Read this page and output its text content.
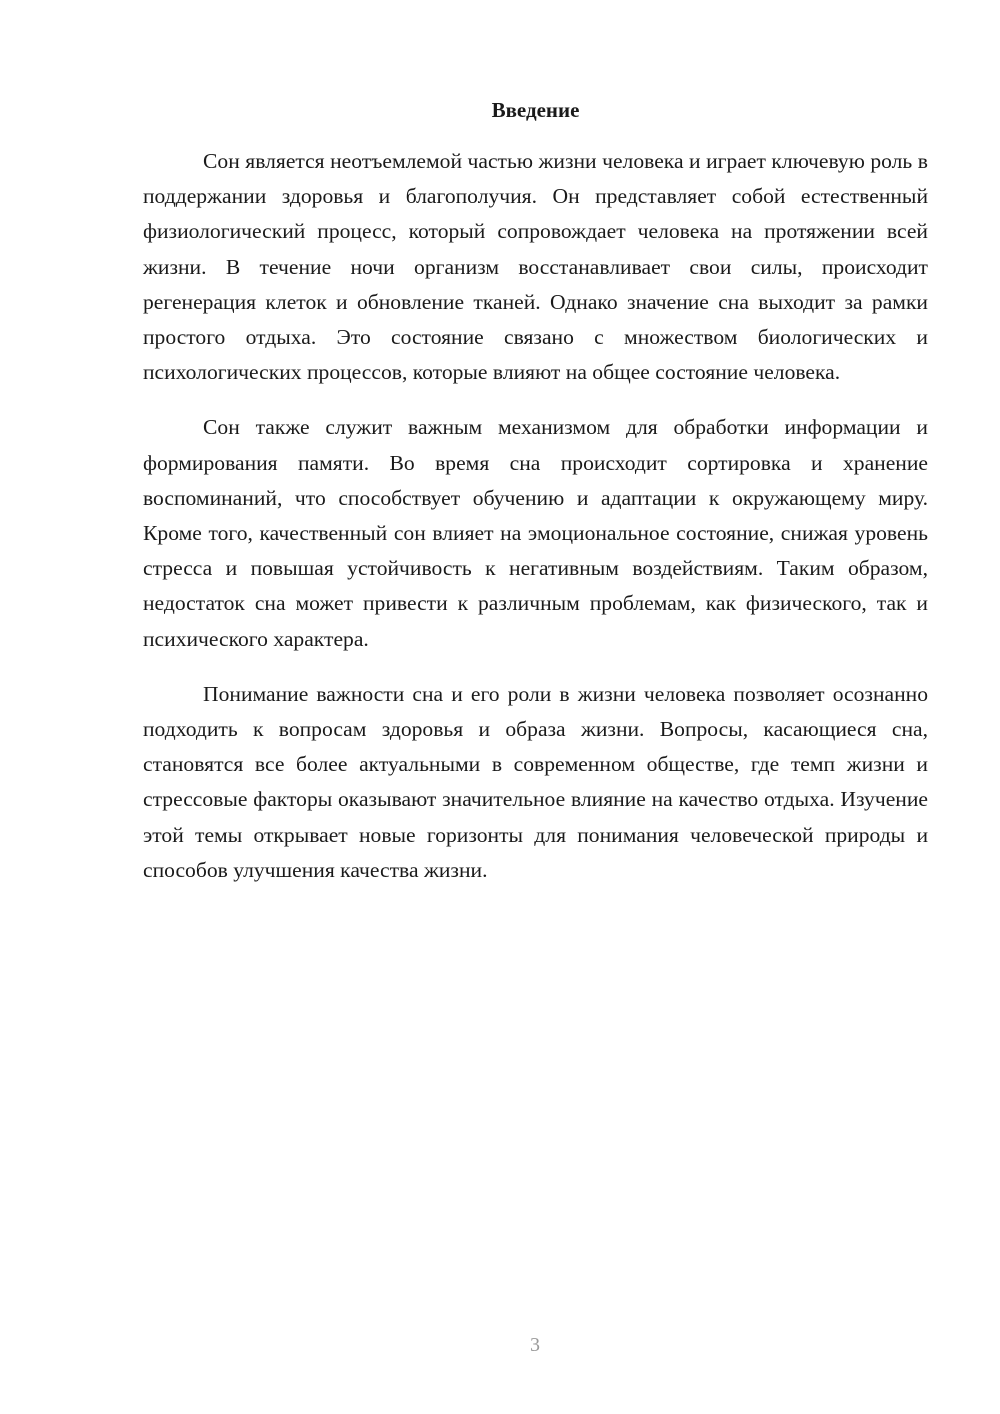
Введение

Сон является неотъемлемой частью жизни человека и играет ключевую роль в поддержании здоровья и благополучия. Он представляет собой естественный физиологический процесс, который сопровождает человека на протяжении всей жизни. В течение ночи организм восстанавливает свои силы, происходит регенерация клеток и обновление тканей. Однако значение сна выходит за рамки простого отдыха. Это состояние связано с множеством биологических и психологических процессов, которые влияют на общее состояние человека.

Сон также служит важным механизмом для обработки информации и формирования памяти. Во время сна происходит сортировка и хранение воспоминаний, что способствует обучению и адаптации к окружающему миру. Кроме того, качественный сон влияет на эмоциональное состояние, снижая уровень стресса и повышая устойчивость к негативным воздействиям. Таким образом, недостаток сна может привести к различным проблемам, как физического, так и психического характера.

Понимание важности сна и его роли в жизни человека позволяет осознанно подходить к вопросам здоровья и образа жизни. Вопросы, касающиеся сна, становятся все более актуальными в современном обществе, где темп жизни и стрессовые факторы оказывают значительное влияние на качество отдыха. Изучение этой темы открывает новые горизонты для понимания человеческой природы и способов улучшения качества жизни.

3
